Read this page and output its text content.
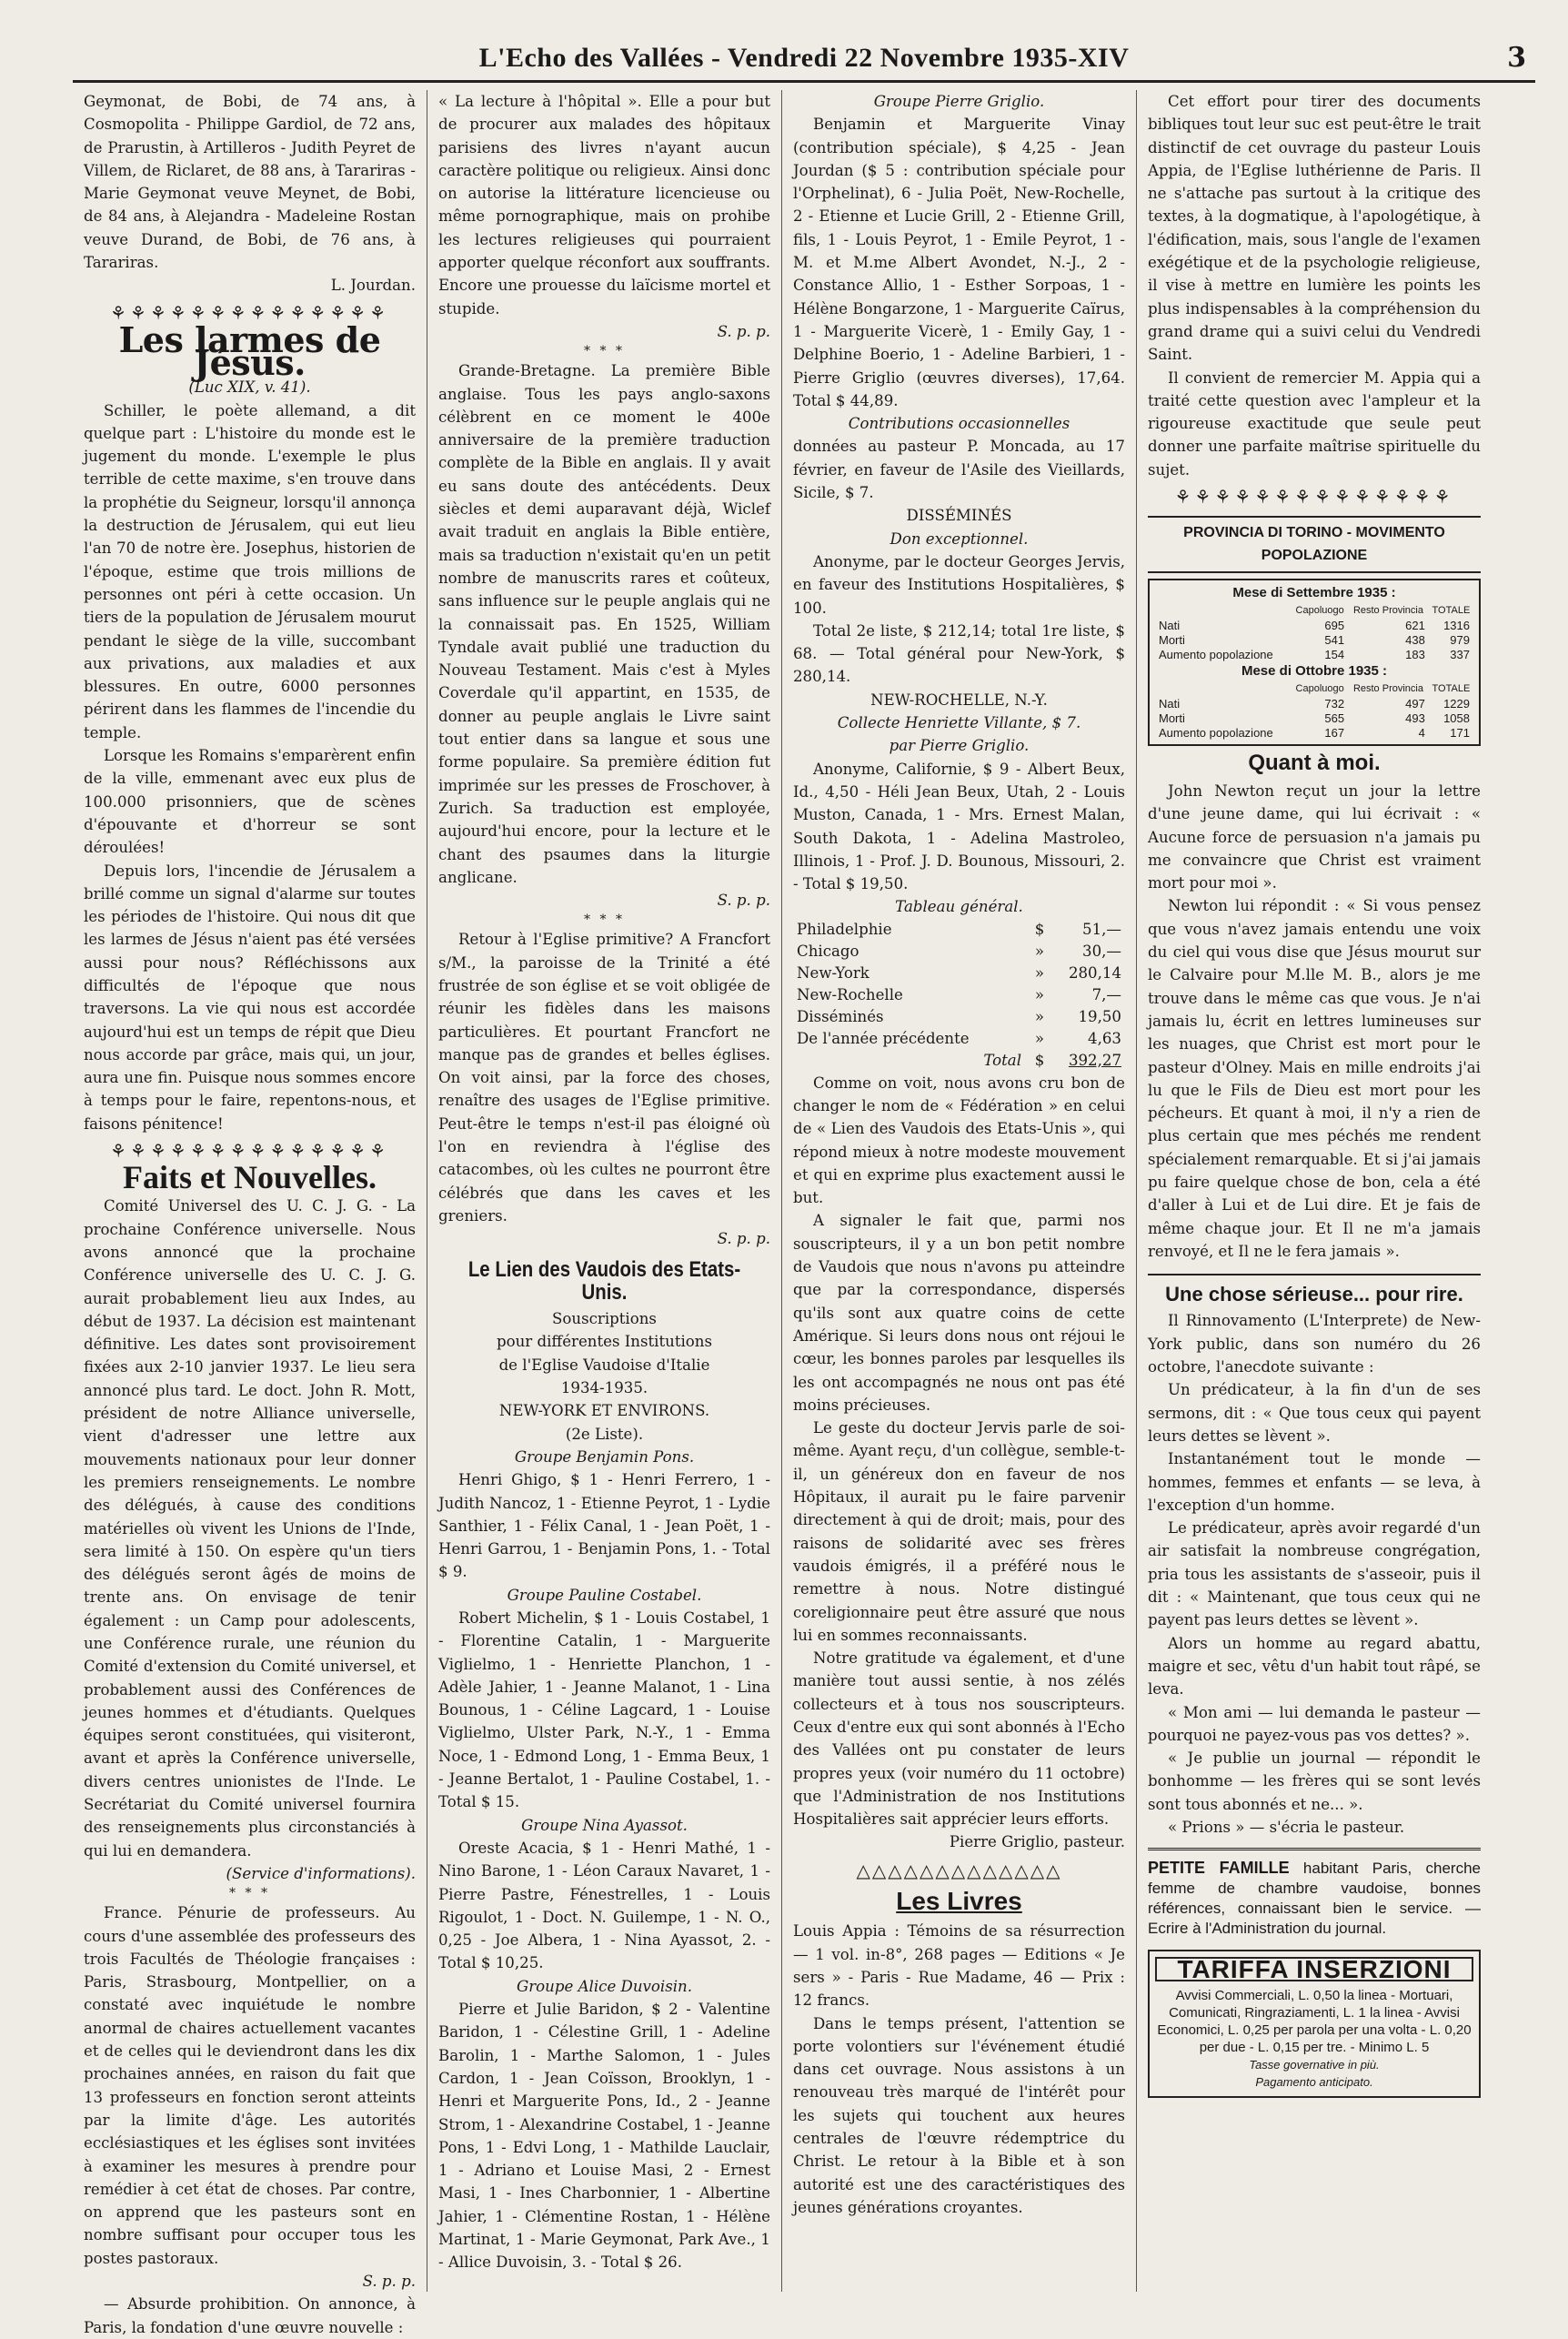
L'Echo des Vallées - Vendredi 22 Novembre 1935-XIV	3

Geymonat, de Bobi, de 74 ans, à Cosmopolita - Philippe Gardiol, de 72 ans, de Prarustin, à Artilleros - Judith Peyret de Villem, de Riclaret, de 88 ans, à Tarariras - Marie Geymonat veuve Meynet, de Bobi, de 84 ans, à Alejandra - Madeleine Rostan veuve Durand, de Bobi, de 76 ans, à Tarariras.

L. Jourdan.

⚘⚘⚘⚘⚘⚘⚘⚘⚘⚘⚘⚘⚘⚘
Les larmes de Jésus.

(Luc XIX, v. 41).

Schiller, le poète allemand, a dit quelque part : L'histoire du monde est le jugement du monde. L'exemple le plus terrible de cette maxime, s'en trouve dans la prophétie du Seigneur, lorsqu'il annonça la destruction de Jérusalem, qui eut lieu l'an 70 de notre ère. Josephus, historien de l'époque, estime que trois millions de personnes ont péri à cette occasion. Un tiers de la population de Jérusalem mourut pendant le siège de la ville, succombant aux privations, aux maladies et aux blessures. En outre, 6000 personnes périrent dans les flammes de l'incendie du temple.

Lorsque les Romains s'emparèrent enfin de la ville, emmenant avec eux plus de 100.000 prisonniers, que de scènes d'épouvante et d'horreur se sont déroulées!

Depuis lors, l'incendie de Jérusalem a brillé comme un signal d'alarme sur toutes les périodes de l'histoire. Qui nous dit que les larmes de Jésus n'aient pas été versées aussi pour nous? Réfléchissons aux difficultés de l'époque que nous traversons. La vie qui nous est accordée aujourd'hui est un temps de répit que Dieu nous accorde par grâce, mais qui, un jour, aura une fin. Puisque nous sommes encore à temps pour le faire, repentons-nous, et faisons pénitence!

⚘⚘⚘⚘⚘⚘⚘⚘⚘⚘⚘⚘⚘⚘
Faits et Nouvelles.

Comité Universel des U. C. J. G. - La prochaine Conférence universelle. Nous avons annoncé que la prochaine Conférence universelle des U. C. J. G. aurait probablement lieu aux Indes, au début de 1937. La décision est maintenant définitive. Les dates sont provisoirement fixées aux 2-10 janvier 1937. Le lieu sera annoncé plus tard. Le doct. John R. Mott, président de notre Alliance universelle, vient d'adresser une lettre aux mouvements nationaux pour leur donner les premiers renseignements. Le nombre des délégués, à cause des conditions matérielles où vivent les Unions de l'Inde, sera limité à 150. On espère qu'un tiers des délégués seront âgés de moins de trente ans. On envisage de tenir également : un Camp pour adolescents, une Conférence rurale, une réunion du Comité d'extension du Comité universel, et probablement aussi des Conférences de jeunes hommes et d'étudiants. Quelques équipes seront constituées, qui visiteront, avant et après la Conférence universelle, divers centres unionistes de l'Inde. Le Secrétariat du Comité universel fournira des renseignements plus circonstanciés à qui lui en demandera.

(Service d'informations).

* * *

France. Pénurie de professeurs. Au cours d'une assemblée des professeurs des trois Facultés de Théologie françaises : Paris, Strasbourg, Montpellier, on a constaté avec inquiétude le nombre anormal de chaires actuellement vacantes et de celles qui le deviendront dans les dix prochaines années, en raison du fait que 13 professeurs en fonction seront atteints par la limite d'âge. Les autorités ecclésiastiques et les églises sont invitées à examiner les mesures à prendre pour remédier à cet état de choses. Par contre, on apprend que les pasteurs sont en nombre suffisant pour occuper tous les postes pastoraux.

S. p. p.

— Absurde prohibition. On annonce, à Paris, la fondation d'une œuvre nouvelle :

« La lecture à l'hôpital ». Elle a pour but de procurer aux malades des hôpitaux parisiens des livres n'ayant aucun caractère politique ou religieux. Ainsi donc on autorise la littérature licencieuse ou même pornographique, mais on prohibe les lectures religieuses qui pourraient apporter quelque réconfort aux souffrants. Encore une prouesse du laïcisme mortel et stupide.

S. p. p.

* * *

Grande-Bretagne. La première Bible anglaise. Tous les pays anglo-saxons célèbrent en ce moment le 400e anniversaire de la première traduction complète de la Bible en anglais. Il y avait eu sans doute des antécédents. Deux siècles et demi auparavant déjà, Wiclef avait traduit en anglais la Bible entière, mais sa traduction n'existait qu'en un petit nombre de manuscrits rares et coûteux, sans influence sur le peuple anglais qui ne la connaissait pas. En 1525, William Tyndale avait publié une traduction du Nouveau Testament. Mais c'est à Myles Coverdale qu'il appartint, en 1535, de donner au peuple anglais le Livre saint tout entier dans sa langue et sous une forme populaire. Sa première édition fut imprimée sur les presses de Froschover, à Zurich. Sa traduction est employée, aujourd'hui encore, pour la lecture et le chant des psaumes dans la liturgie anglicane.

S. p. p.

* * *

Retour à l'Eglise primitive? A Francfort s/M., la paroisse de la Trinité a été frustrée de son église et se voit obligée de réunir les fidèles dans les maisons particulières. Et pourtant Francfort ne manque pas de grandes et belles églises. On voit ainsi, par la force des choses, renaître des usages de l'Eglise primitive. Peut-être le temps n'est-il pas éloigné où l'on en reviendra à l'église des catacombes, où les cultes ne pourront être célébrés que dans les caves et les greniers.

S. p. p.

Le Lien des Vaudois des Etats-Unis.

Souscriptions

pour différentes Institutions

de l'Eglise Vaudoise d'Italie

1934-1935.

NEW-YORK ET ENVIRONS.

(2e Liste).

Groupe Benjamin Pons.

Henri Ghigo, $ 1 - Henri Ferrero, 1 - Judith Nancoz, 1 - Etienne Peyrot, 1 - Lydie Santhier, 1 - Félix Canal, 1 - Jean Poët, 1 - Henri Garrou, 1 - Benjamin Pons, 1. - Total $ 9.

Groupe Pauline Costabel.

Robert Michelin, $ 1 - Louis Costabel, 1 - Florentine Catalin, 1 - Marguerite Viglielmo, 1 - Henriette Planchon, 1 - Adèle Jahier, 1 - Jeanne Malanot, 1 - Lina Bounous, 1 - Céline Lagcard, 1 - Louise Viglielmo, Ulster Park, N.-Y., 1 - Emma Noce, 1 - Edmond Long, 1 - Emma Beux, 1 - Jeanne Bertalot, 1 - Pauline Costabel, 1. - Total $ 15.

Groupe Nina Ayassot.

Oreste Acacia, $ 1 - Henri Mathé, 1 - Nino Barone, 1 - Léon Caraux Navaret, 1 - Pierre Pastre, Fénestrelles, 1 - Louis Rigoulot, 1 - Doct. N. Guilempe, 1 - N. O., 0,25 - Joe Albera, 1 - Nina Ayassot, 2. - Total $ 10,25.

Groupe Alice Duvoisin.

Pierre et Julie Baridon, $ 2 - Valentine Baridon, 1 - Célestine Grill, 1 - Adeline Barolin, 1 - Marthe Salomon, 1 - Jules Cardon, 1 - Jean Coïsson, Brooklyn, 1 - Henri et Marguerite Pons, Id., 2 - Jeanne Strom, 1 - Alexandrine Costabel, 1 - Jeanne Pons, 1 - Edvi Long, 1 - Mathilde Lauclair, 1 - Adriano et Louise Masi, 2 - Ernest Masi, 1 - Ines Charbonnier, 1 - Albertine Jahier, 1 - Clémentine Rostan, 1 - Hélène Martinat, 1 - Marie Geymonat, Park Ave., 1 - Allice Duvoisin, 3. - Total $ 26.

Groupe Pierre Griglio.

Benjamin et Marguerite Vinay (contribution spéciale), $ 4,25 - Jean Jourdan ($ 5 : contribution spéciale pour l'Orphelinat), 6 - Julia Poët, New-Rochelle, 2 - Etienne et Lucie Grill, 2 - Etienne Grill, fils, 1 - Louis Peyrot, 1 - Emile Peyrot, 1 - M. et M.me Albert Avondet, N.-J., 2 - Constance Allio, 1 - Esther Sorpoas, 1 - Hélène Bongarzone, 1 - Marguerite Caïrus, 1 - Marguerite Vicerè, 1 - Emily Gay, 1 - Delphine Boerio, 1 - Adeline Barbieri, 1 - Pierre Griglio (œuvres diverses), 17,64. Total $ 44,89.

Contributions occasionnelles

données au pasteur P. Moncada, au 17 février, en faveur de l'Asile des Vieillards, Sicile, $ 7.

DISSÉMINÉS

Don exceptionnel.

Anonyme, par le docteur Georges Jervis, en faveur des Institutions Hospitalières, $ 100.

Total 2e liste, $ 212,14; total 1re liste, $ 68. — Total général pour New-York, $ 280,14.

NEW-ROCHELLE, N.-Y.

Collecte Henriette Villante, $ 7.

par Pierre Griglio.

Anonyme, Californie, $ 9 - Albert Beux, Id., 4,50 - Héli Jean Beux, Utah, 2 - Louis Muston, Canada, 1 - Mrs. Ernest Malan, South Dakota, 1 - Adelina Mastroleo, Illinois, 1 - Prof. J. D. Bounous, Missouri, 2. - Total $ 19,50.

Tableau général.

Philadelphie	$	51,—
Chicago	»	30,—
New-York	»	280,14
New-Rochelle	»	7,—
Disséminés	»	19,50
De l'année précédente	»	4,63
Total	$	392,27

Comme on voit, nous avons cru bon de changer le nom de « Fédération » en celui de « Lien des Vaudois des Etats-Unis », qui répond mieux à notre modeste mouvement et qui en exprime plus exactement aussi le but.

A signaler le fait que, parmi nos souscripteurs, il y a un bon petit nombre de Vaudois que nous n'avons pu atteindre que par la correspondance, dispersés qu'ils sont aux quatre coins de cette Amérique. Si leurs dons nous ont réjoui le cœur, les bonnes paroles par lesquelles ils les ont accompagnés ne nous ont pas été moins précieuses.

Le geste du docteur Jervis parle de soi-même. Ayant reçu, d'un collègue, semble-t-il, un généreux don en faveur de nos Hôpitaux, il aurait pu le faire parvenir directement à qui de droit; mais, pour des raisons de solidarité avec ses frères vaudois émigrés, il a préféré nous le remettre à nous. Notre distingué coreligionnaire peut être assuré que nous lui en sommes reconnaissants.

Notre gratitude va également, et d'une manière tout aussi sentie, à nos zélés collecteurs et à tous nos souscripteurs. Ceux d'entre eux qui sont abonnés à l'Echo des Vallées ont pu constater de leurs propres yeux (voir numéro du 11 octobre) que l'Administration de nos Institutions Hospitalières sait apprécier leurs efforts.

Pierre Griglio, pasteur.

△△△△△△△△△△△△△
Les Livres

Louis Appia : Témoins de sa résurrection — 1 vol. in-8°, 268 pages — Editions « Je sers » - Paris - Rue Madame, 46 — Prix : 12 francs.

Dans le temps présent, l'attention se porte volontiers sur l'événement étudié dans cet ouvrage. Nous assistons à un renouveau très marqué de l'intérêt pour les sujets qui touchent aux heures centrales de l'œuvre rédemptrice du Christ. Le retour à la Bible et à son autorité est une des caractéristiques des jeunes générations croyantes.

Cet effort pour tirer des documents bibliques tout leur suc est peut-être le trait distinctif de cet ouvrage du pasteur Louis Appia, de l'Eglise luthérienne de Paris. Il ne s'attache pas surtout à la critique des textes, à la dogmatique, à l'apologétique, à l'édification, mais, sous l'angle de l'examen exégétique et de la psychologie religieuse, il vise à mettre en lumière les points les plus indispensables à la compréhension du grand drame qui a suivi celui du Vendredi Saint.

Il convient de remercier M. Appia qui a traité cette question avec l'ampleur et la rigoureuse exactitude que seule peut donner une parfaite maîtrise spirituelle du sujet.

⚘⚘⚘⚘⚘⚘⚘⚘⚘⚘⚘⚘⚘⚘
PROVINCIA DI TORINO - MOVIMENTO POPOLAZIONE
Mese di Settembre 1935 :
	Capoluogo	Resto Provincia	TOTALE
Nati	695	621	1316
Morti	541	438	979
Aumento popolazione	154	183	337
Mese di Ottobre 1935 :
	Capoluogo	Resto Provincia	TOTALE
Nati	732	497	1229
Morti	565	493	1058
Aumento popolazione	167	4	171
Quant à moi.

John Newton reçut un jour la lettre d'une jeune dame, qui lui écrivait : « Aucune force de persuasion n'a jamais pu me convaincre que Christ est vraiment mort pour moi ».

Newton lui répondit : « Si vous pensez que vous n'avez jamais entendu une voix du ciel qui vous dise que Jésus mourut sur le Calvaire pour M.lle M. B., alors je me trouve dans le même cas que vous. Je n'ai jamais lu, écrit en lettres lumineuses sur les nuages, que Christ est mort pour le pasteur d'Olney. Mais en mille endroits j'ai lu que le Fils de Dieu est mort pour les pécheurs. Et quant à moi, il n'y a rien de plus certain que mes péchés me rendent spécialement remarquable. Et si j'ai jamais pu faire quelque chose de bon, cela a été d'aller à Lui et de Lui dire. Et je fais de même chaque jour. Et Il ne m'a jamais renvoyé, et Il ne le fera jamais ».

Une chose sérieuse... pour rire.

Il Rinnovamento (L'Interprete) de New-York public, dans son numéro du 26 octobre, l'anecdote suivante :

Un prédicateur, à la fin d'un de ses sermons, dit : « Que tous ceux qui payent leurs dettes se lèvent ».

Instantanément tout le monde — hommes, femmes et enfants — se leva, à l'exception d'un homme.

Le prédicateur, après avoir regardé d'un air satisfait la nombreuse congrégation, pria tous les assistants de s'asseoir, puis il dit : « Maintenant, que tous ceux qui ne payent pas leurs dettes se lèvent ».

Alors un homme au regard abattu, maigre et sec, vêtu d'un habit tout râpé, se leva.

« Mon ami — lui demanda le pasteur — pourquoi ne payez-vous pas vos dettes? ».

« Je publie un journal — répondit le bonhomme — les frères qui se sont levés sont tous abonnés et ne... ».

« Prions » — s'écria le pasteur.

PETITE FAMILLE habitant Paris, cherche femme de chambre vaudoise, bonnes références, connaissant bien le service. — Ecrire à l'Administration du journal.
TARIFFA INSERZIONI
Avvisi Commerciali, L. 0,50 la linea - Mortuari, Comunicati, Ringraziamenti, L. 1 la linea - Avvisi Economici, L. 0,25 per parola per una volta - L. 0,20 per due - L. 0,15 per tre. - Minimo L. 5
Tasse governative in più.
Pagamento anticipato.
